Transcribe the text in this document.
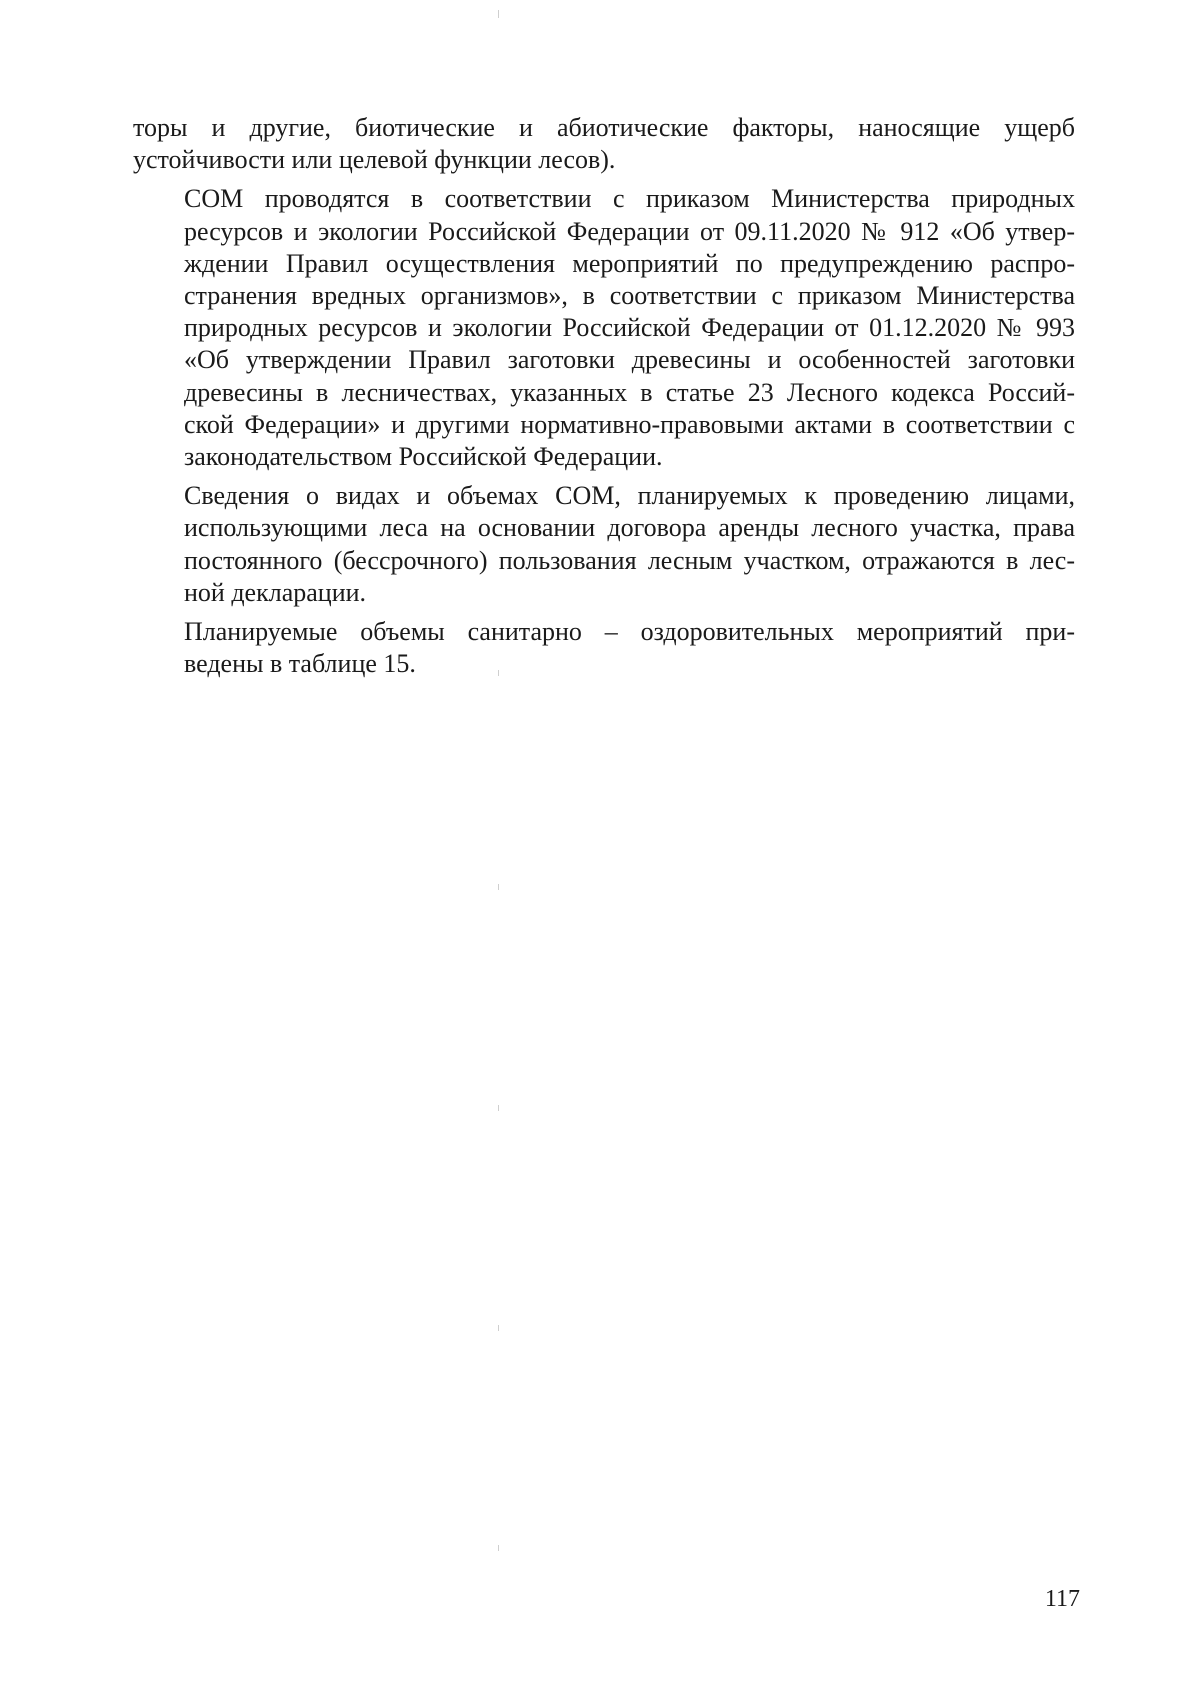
торы и другие, биотические и абиотические факторы, наносящие ущерб
устойчивости или целевой функции лесов).

СОМ проводятся в соответствии с приказом Министерства природных
ресурсов и экологии Российской Федерации от 09.11.2020 № 912 «Об утвер-
ждении Правил осуществления мероприятий по предупреждению распро-
странения вредных организмов», в соответствии с приказом Министерства
природных ресурсов и экологии Российской Федерации от 01.12.2020 № 993
«Об утверждении Правил заготовки древесины и особенностей заготовки
древесины в лесничествах, указанных в статье 23 Лесного кодекса Россий-
ской Федерации» и другими нормативно-правовыми актами в соответствии с
законодательством Российской Федерации.

Сведения о видах и объемах СОМ, планируемых к проведению лицами,
использующими леса на основании договора аренды лесного участка, права
постоянного (бессрочного) пользования лесным участком, отражаются в лес-
ной декларации.

Планируемые объемы санитарно – оздоровительных мероприятий при-
ведены в таблице 15.

117
